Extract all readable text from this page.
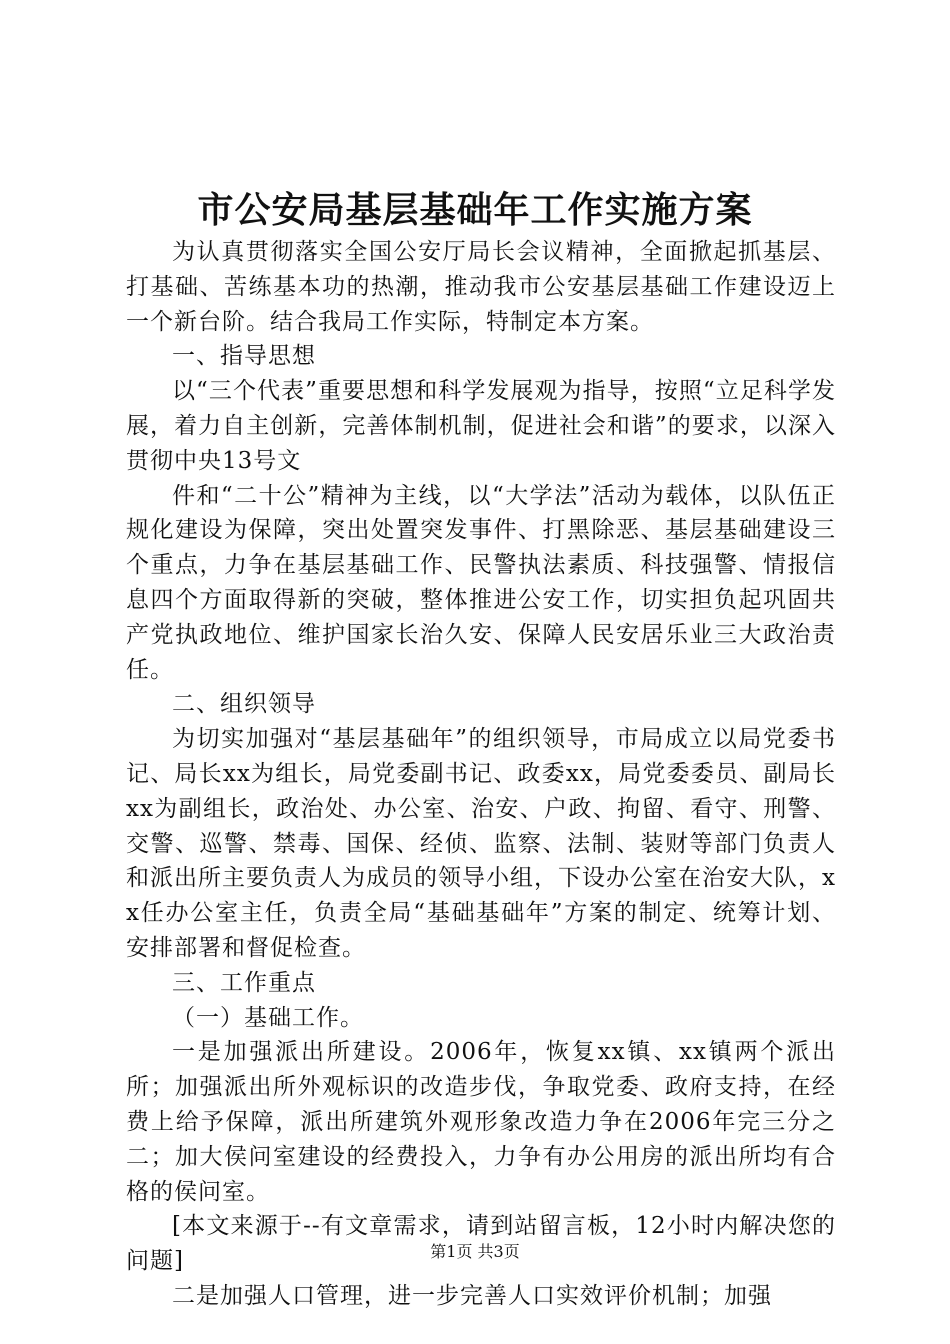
市公安局基层基础年工作实施方案

为认真贯彻落实全国公安厅局长会议精神，全面掀起抓基层、打基础、苦练基本功的热潮，推动我市公安基层基础工作建设迈上一个新台阶。结合我局工作实际，特制定本方案。

一、指导思想

以“三个代表”重要思想和科学发展观为指导，按照“立足科学发展，着力自主创新，完善体制机制，促进社会和谐”的要求，以深入贯彻中央13号文

件和“二十公”精神为主线，以“大学法”活动为载体，以队伍正规化建设为保障，突出处置突发事件、打黑除恶、基层基础建设三个重点，力争在基层基础工作、民警执法素质、科技强警、情报信息四个方面取得新的突破，整体推进公安工作，切实担负起巩固共产党执政地位、维护国家长治久安、保障人民安居乐业三大政治责任。

二、组织领导

为切实加强对“基层基础年”的组织领导，市局成立以局党委书记、局长xx为组长，局党委副书记、政委xx，局党委委员、副局长xx为副组长，政治处、办公室、治安、户政、拘留、看守、刑警、交警、巡警、禁毒、国保、经侦、监察、法制、装财等部门负责人和派出所主要负责人为成员的领导小组，下设办公室在治安大队，xx任办公室主任，负责全局“基础基础年”方案的制定、统筹计划、安排部署和督促检查。

三、工作重点

（一）基础工作。

一是加强派出所建设。2006年，恢复xx镇、xx镇两个派出所；加强派出所外观标识的改造步伐，争取党委、政府支持，在经费上给予保障，派出所建筑外观形象改造力争在2006年完三分之二；加大侯问室建设的经费投入，力争有办公用房的派出所均有合格的侯问室。

[本文来源于--有文章需求，请到站留言板，12小时内解决您的问题]

二是加强人口管理，进一步完善人口实效评价机制；加强

第1页 共3页
